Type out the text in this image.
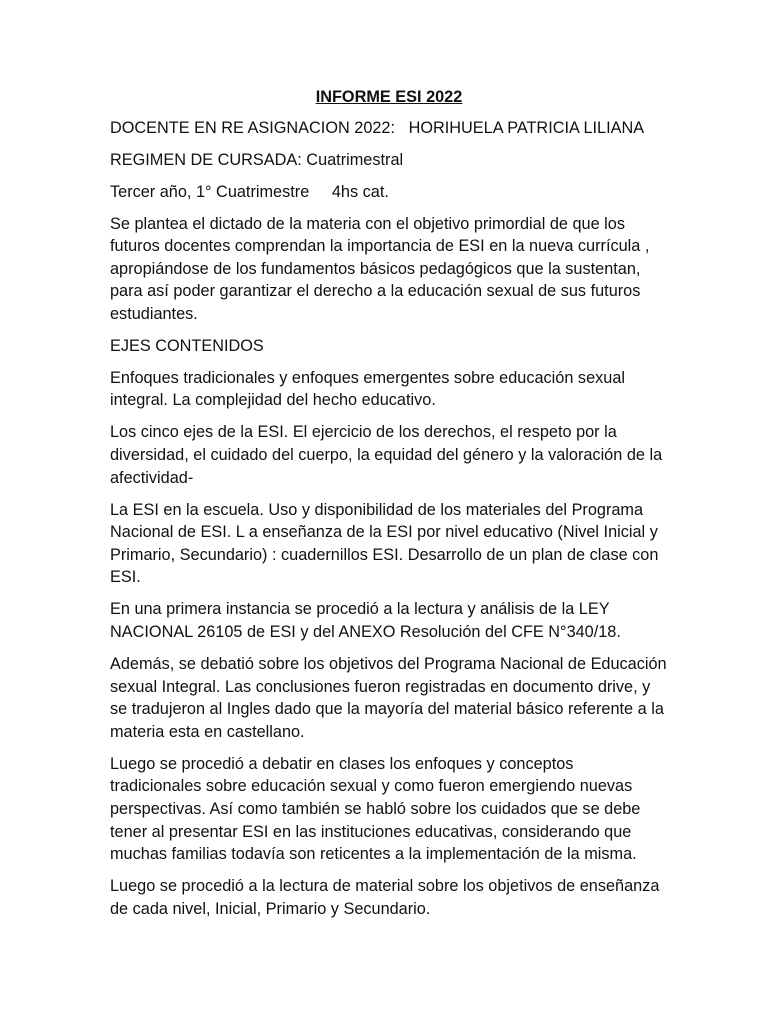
INFORME ESI 2022

DOCENTE EN RE ASIGNACION 2022:   HORIHUELA PATRICIA LILIANA

REGIMEN DE CURSADA: Cuatrimestral

Tercer año, 1° Cuatrimestre     4hs cat.

Se plantea el dictado de la materia con el objetivo primordial de que los futuros docentes comprendan la importancia de ESI en la nueva currícula , apropiándose de los fundamentos básicos pedagógicos que la sustentan, para así poder garantizar el derecho a la educación sexual de sus futuros estudiantes.

EJES CONTENIDOS

Enfoques tradicionales y enfoques emergentes sobre educación sexual integral. La complejidad del hecho educativo.

Los cinco ejes de la ESI. El ejercicio de los derechos, el respeto por la diversidad, el cuidado del cuerpo, la equidad del género y la valoración de la afectividad-

La ESI en la escuela. Uso y disponibilidad de los materiales del Programa Nacional de ESI. L a enseñanza de la ESI por nivel educativo (Nivel Inicial y Primario, Secundario) : cuadernillos ESI. Desarrollo de un plan de clase con ESI.

En una primera instancia se procedió a la lectura y análisis de la LEY NACIONAL 26105 de ESI y del ANEXO Resolución del CFE N°340/18.

Además, se debatió sobre los objetivos del Programa Nacional de Educación sexual Integral. Las conclusiones fueron registradas en documento drive, y se tradujeron al Ingles dado que la mayoría del material básico referente a la materia esta en castellano.

Luego se procedió a debatir en clases los enfoques y conceptos tradicionales sobre educación sexual y como fueron emergiendo nuevas perspectivas. Así como también se habló sobre los cuidados que se debe tener al presentar ESI en las instituciones educativas, considerando que muchas familias todavía son reticentes a la implementación de la misma.

Luego se procedió a la lectura de material sobre los objetivos de enseñanza de cada nivel, Inicial, Primario y Secundario.
